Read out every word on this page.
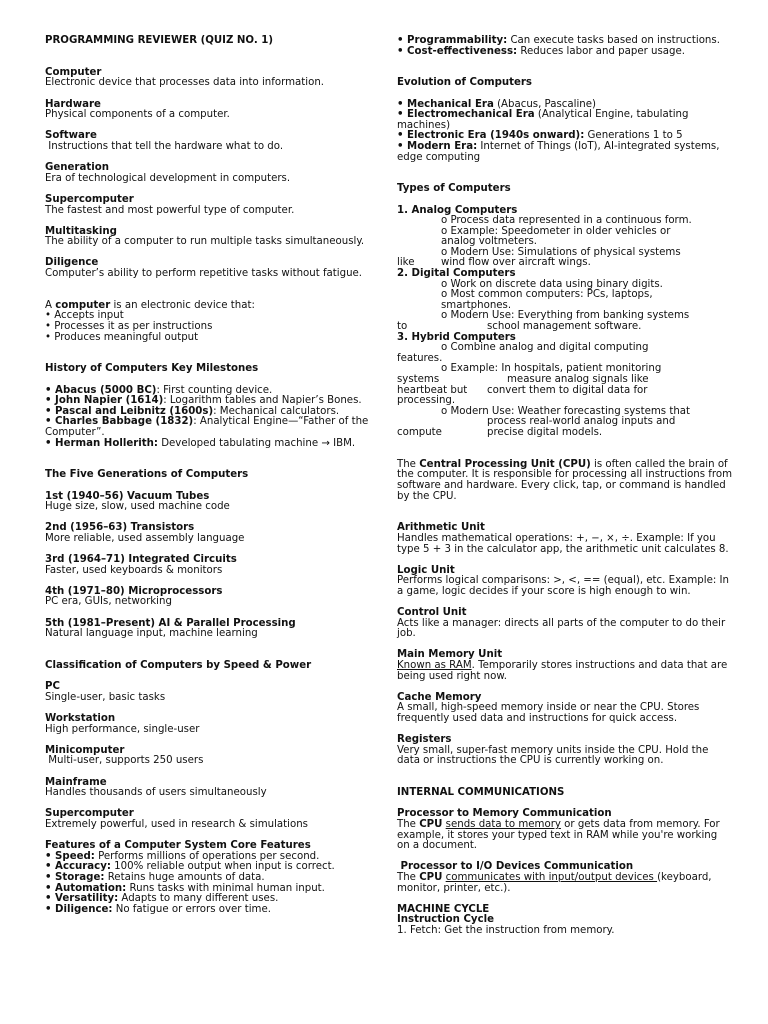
PROGRAMMING REVIEWER (QUIZ NO. 1)

Computer

Electronic device that processes data into information.

Hardware

Physical components of a computer.

Software

Instructions that tell the hardware what to do.

Generation

Era of technological development in computers.

Supercomputer

The fastest and most powerful type of computer.

Multitasking

The ability of a computer to run multiple tasks simultaneously.

Diligence

Computer’s ability to perform repetitive tasks without fatigue.

A computer is an electronic device that:

• Accepts input

• Processes it as per instructions

• Produces meaningful output

History of Computers Key Milestones

• Abacus (5000 BC): First counting device.

• John Napier (1614): Logarithm tables and Napier’s Bones.

• Pascal and Leibnitz (1600s): Mechanical calculators.

• Charles Babbage (1832): Analytical Engine—“Father of the Computer”.

• Herman Hollerith: Developed tabulating machine → IBM.

The Five Generations of Computers

1st (1940–56) Vacuum Tubes

Huge size, slow, used machine code

2nd (1956–63) Transistors

More reliable, used assembly language

3rd (1964–71) Integrated Circuits

Faster, used keyboards & monitors

4th (1971–80) Microprocessors

PC era, GUIs, networking

5th (1981–Present) AI & Parallel Processing

Natural language input, machine learning

Classification of Computers by Speed & Power

PC

Single-user, basic tasks

Workstation

High performance, single-user

Minicomputer

Multi-user, supports 250 users

Mainframe

Handles thousands of users simultaneously

Supercomputer

Extremely powerful, used in research & simulations

Features of a Computer System Core Features

• Speed: Performs millions of operations per second.

• Accuracy: 100% reliable output when input is correct.

• Storage: Retains huge amounts of data.

• Automation: Runs tasks with minimal human input.

• Versatility: Adapts to many different uses.

• Diligence: No fatigue or errors over time.

• Programmability: Can execute tasks based on instructions.

• Cost-effectiveness: Reduces labor and paper usage.

Evolution of Computers

• Mechanical Era (Abacus, Pascaline)

• Electromechanical Era (Analytical Engine, tabulating machines)

• Electronic Era (1940s onward): Generations 1 to 5

• Modern Era: Internet of Things (IoT), AI-integrated systems, edge computing

Types of Computers

1. Analog Computers

o Process data represented in a continuous form.

o Example: Speedometer in older vehicles or

analog voltmeters.

o Modern Use: Simulations of physical systems

like	wind flow over aircraft wings.

2. Digital Computers

o Work on discrete data using binary digits.

o Most common computers: PCs, laptops,

smartphones.

o Modern Use: Everything from banking systems

to	school management software.

3. Hybrid Computers

o Combine analog and digital computing

features.

o Example: In hospitals, patient monitoring

systems	measure analog signals like
heartbeat but	convert them to digital data for

processing.

o Modern Use: Weather forecasting systems that

process real-world analog inputs and

compute	precise digital models.

The Central Processing Unit (CPU) is often called the brain of the computer. It is responsible for processing all instructions from software and hardware. Every click, tap, or command is handled by the CPU.

Arithmetic Unit

Handles mathematical operations: +, −, ×, ÷. Example: If you type 5 + 3 in the calculator app, the arithmetic unit calculates 8.

Logic Unit

Performs logical comparisons: >, <, == (equal), etc. Example: In a game, logic decides if your score is high enough to win.

Control Unit

Acts like a manager: directs all parts of the computer to do their job.

Main Memory Unit

Known as RAM. Temporarily stores instructions and data that are being used right now.

Cache Memory

A small, high-speed memory inside or near the CPU. Stores frequently used data and instructions for quick access.

Registers

Very small, super-fast memory units inside the CPU. Hold the data or instructions the CPU is currently working on.

INTERNAL COMMUNICATIONS

Processor to Memory Communication

The CPU sends data to memory or gets data from memory. For example, it stores your typed text in RAM while you're working on a document.

Processor to I/O Devices Communication

The CPU communicates with input/output devices (keyboard, monitor, printer, etc.).

MACHINE CYCLE

Instruction Cycle

1. Fetch: Get the instruction from memory.
